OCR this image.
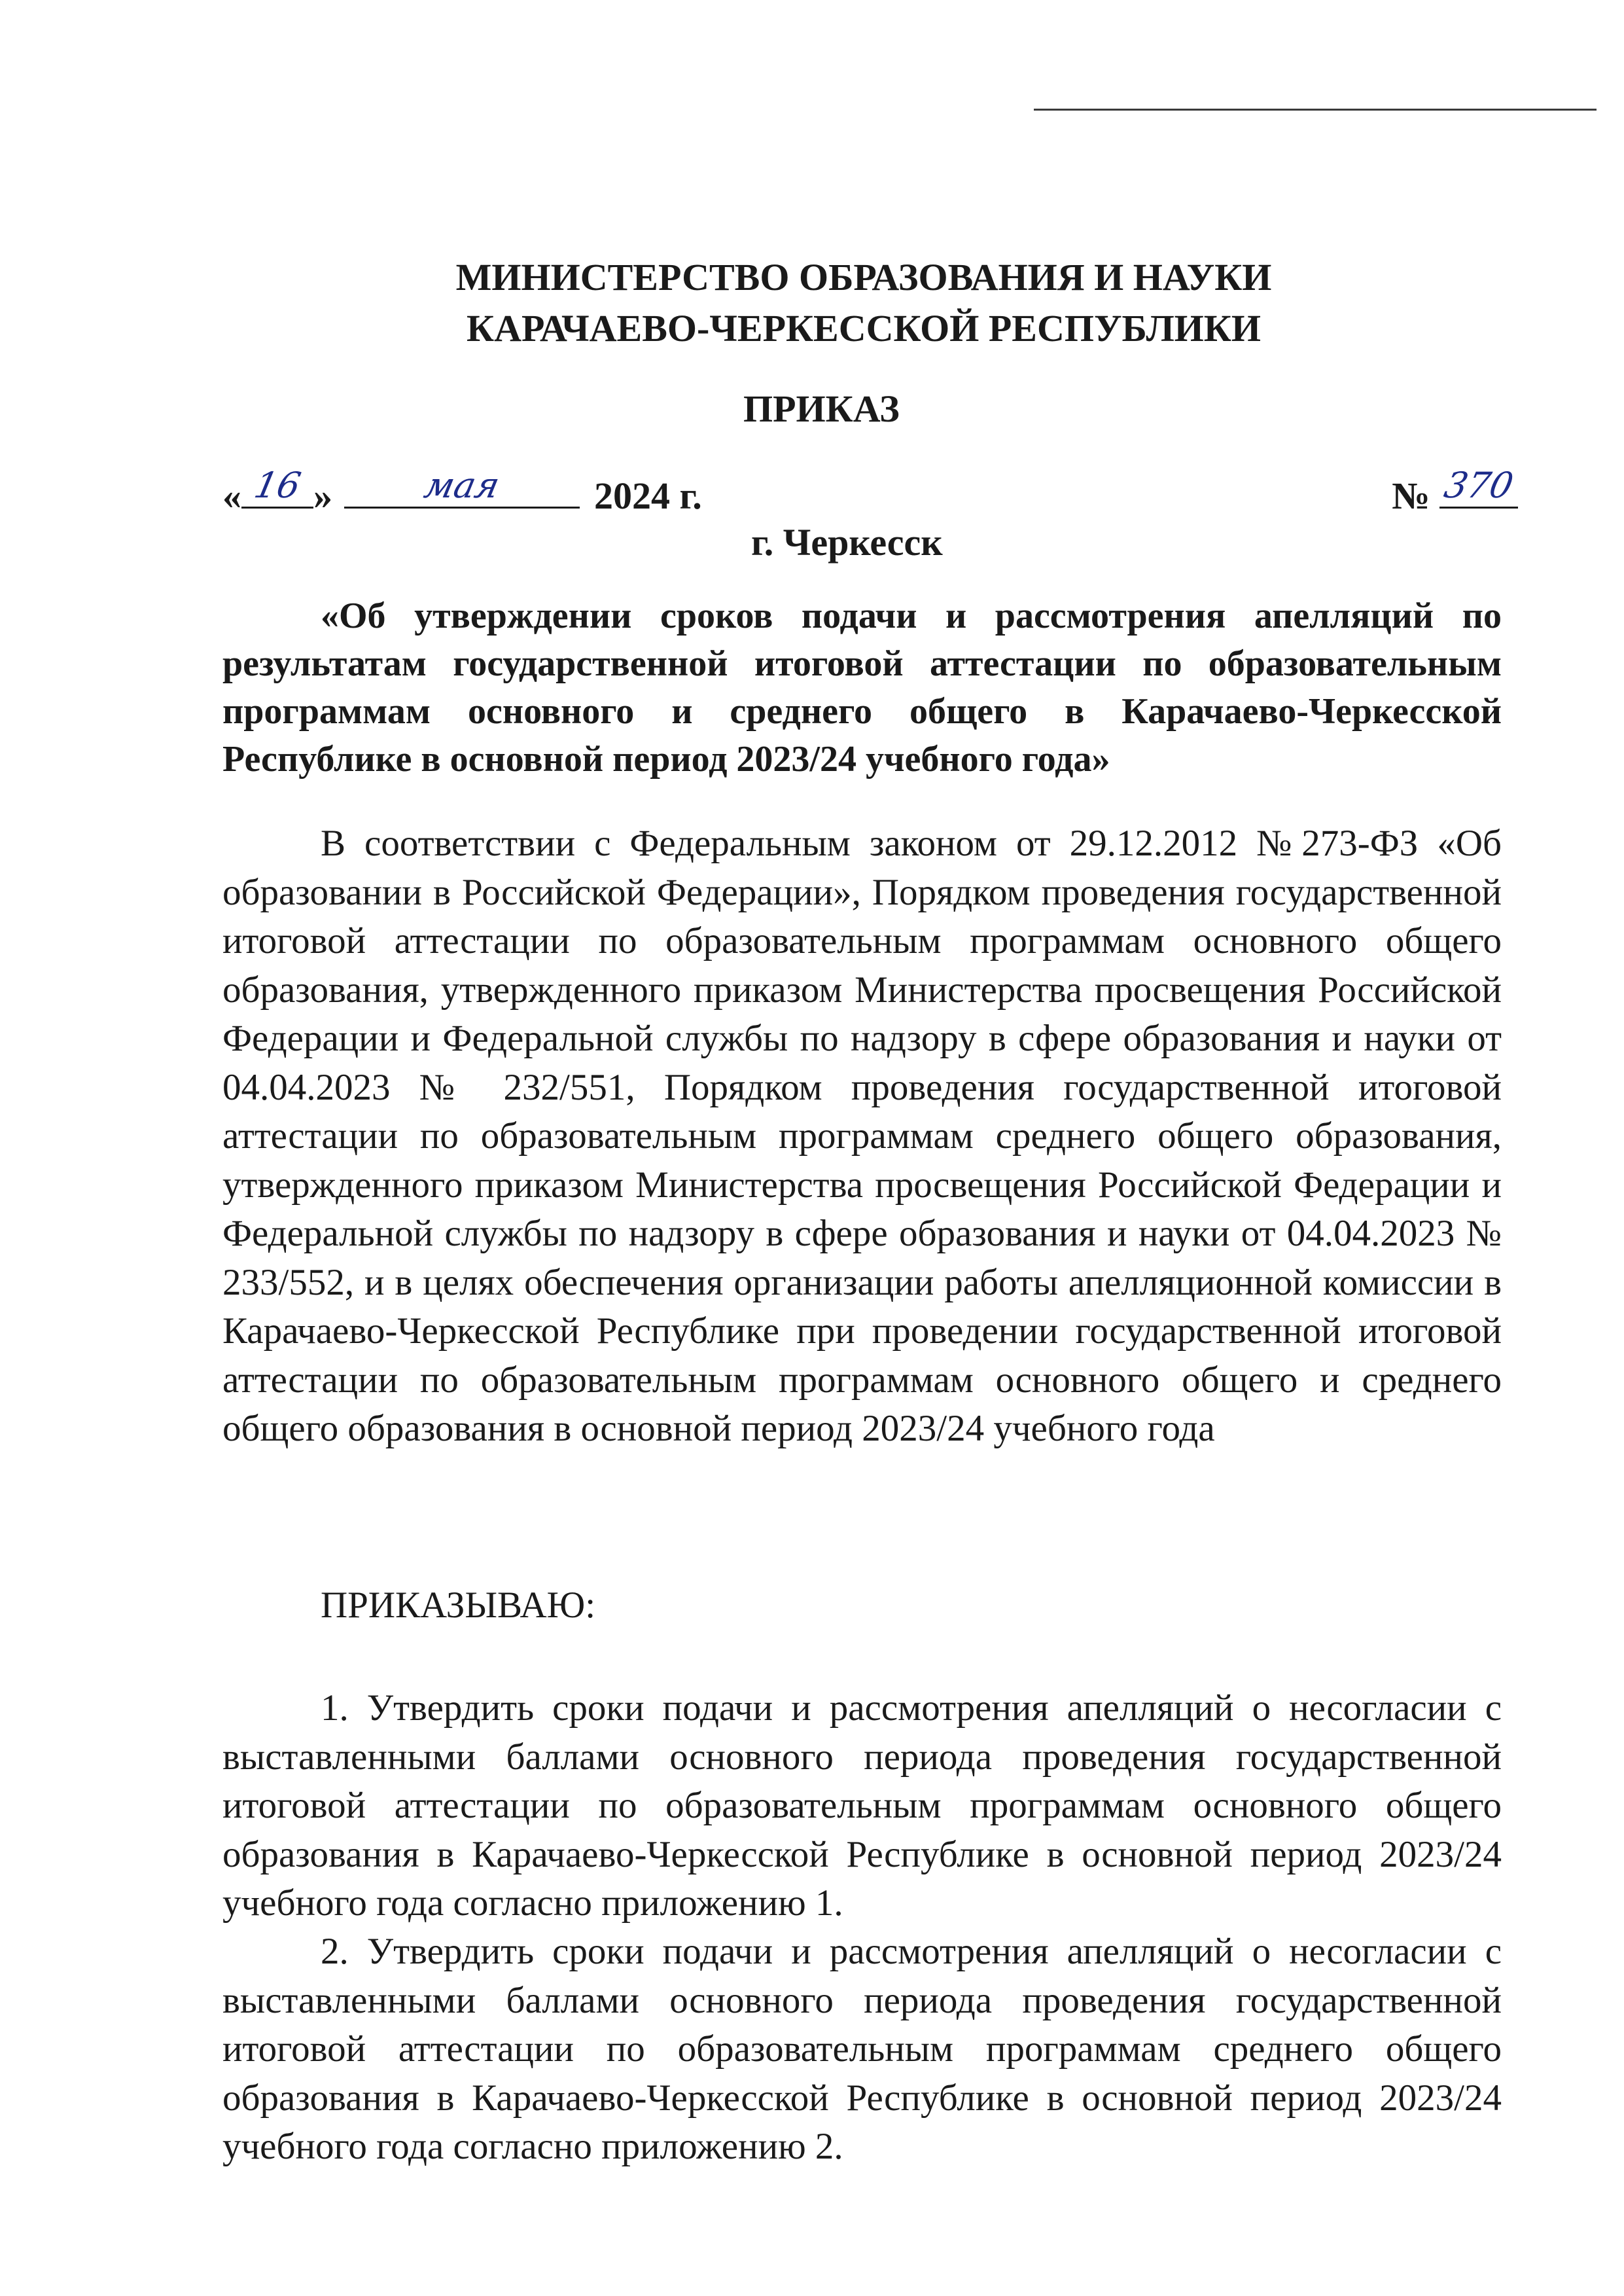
МИНИСТЕРСТВО ОБРАЗОВАНИЯ И НАУКИ
КАРАЧАЕВО-ЧЕРКЕССКОЙ РЕСПУБЛИКИ
ПРИКАЗ
« 16 »	мая	2024 г.	№ 370
г. Черкесск

«Об утверждении сроков подачи и рассмотрения апелляций по результатам государственной итоговой аттестации по образовательным программам основного и среднего общего в Карачаево-Черкесской Республике в основной период 2023/24 учебного года»

В соответствии с Федеральным законом от 29.12.2012 №273-ФЗ «Об образовании в Российской Федерации», Порядком проведения государственной итоговой аттестации по образовательным программам основного общего образования, утвержденного приказом Министерства просвещения Российской Федерации и Федеральной службы по надзору в сфере образования и науки от 04.04.2023 № 232/551, Порядком проведения государственной итоговой аттестации по образовательным программам среднего общего образования, утвержденного приказом Министерства просвещения Российской Федерации и Федеральной службы по надзору в сфере образования и науки от 04.04.2023 № 233/552, и в целях обеспечения организации работы апелляционной комиссии в Карачаево-Черкесской Республике при проведении государственной итоговой аттестации по образовательным программам основного общего и среднего общего образования в основной период 2023/24 учебного года

ПРИКАЗЫВАЮ:

1. Утвердить сроки подачи и рассмотрения апелляций о несогласии с выставленными баллами основного периода проведения государственной итоговой аттестации по образовательным программам основного общего образования в Карачаево-Черкесской Республике в основной период 2023/24 учебного года согласно приложению 1.

2. Утвердить сроки подачи и рассмотрения апелляций о несогласии с выставленными баллами основного периода проведения государственной итоговой аттестации по образовательным программам среднего общего образования в Карачаево-Черкесской Республике в основной период 2023/24 учебного года согласно приложению 2.
